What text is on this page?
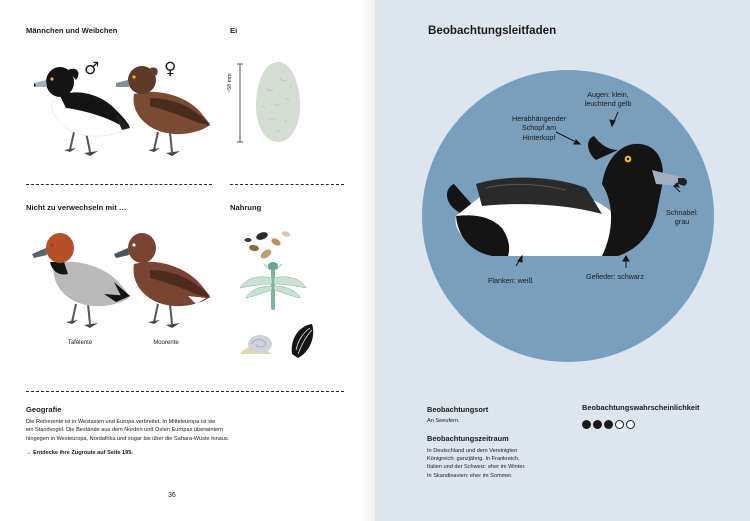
Männchen und Weibchen	Ei
♂	♀
~58 mm
Nicht zu verwechseln mit …	Nahrung
Tafelente	Moorente
Geografie
Die Reiherente ist in Westasien und Europa verbreitet. In Mitteleuropa ist sie
ein Standvogel. Die Bestände aus dem Norden und Osten Europas überwintern
hingegen in Westeuropa, Nordafrika und sogar bis über die Sahara-Wüste hinaus.
→ Entdecke ihre Zugroute auf Seite 195.
36
Beobachtungsleitfaden
Herabhängender
Schopf am
Hinterkopf
Augen: klein,
leuchtend gelb
Schnabel:
grau
Flanken: weiß	Gefieder: schwarz
Beobachtungsort
An Seeufern.
Beobachtungszeitraum
In Deutschland und dem Vereinigten
Königreich: ganzjährig. In Frankreich,
Italien und der Schweiz: eher im Winter.
In Skandinavien: eher im Sommer.
Beobachtungswahrscheinlichkeit
